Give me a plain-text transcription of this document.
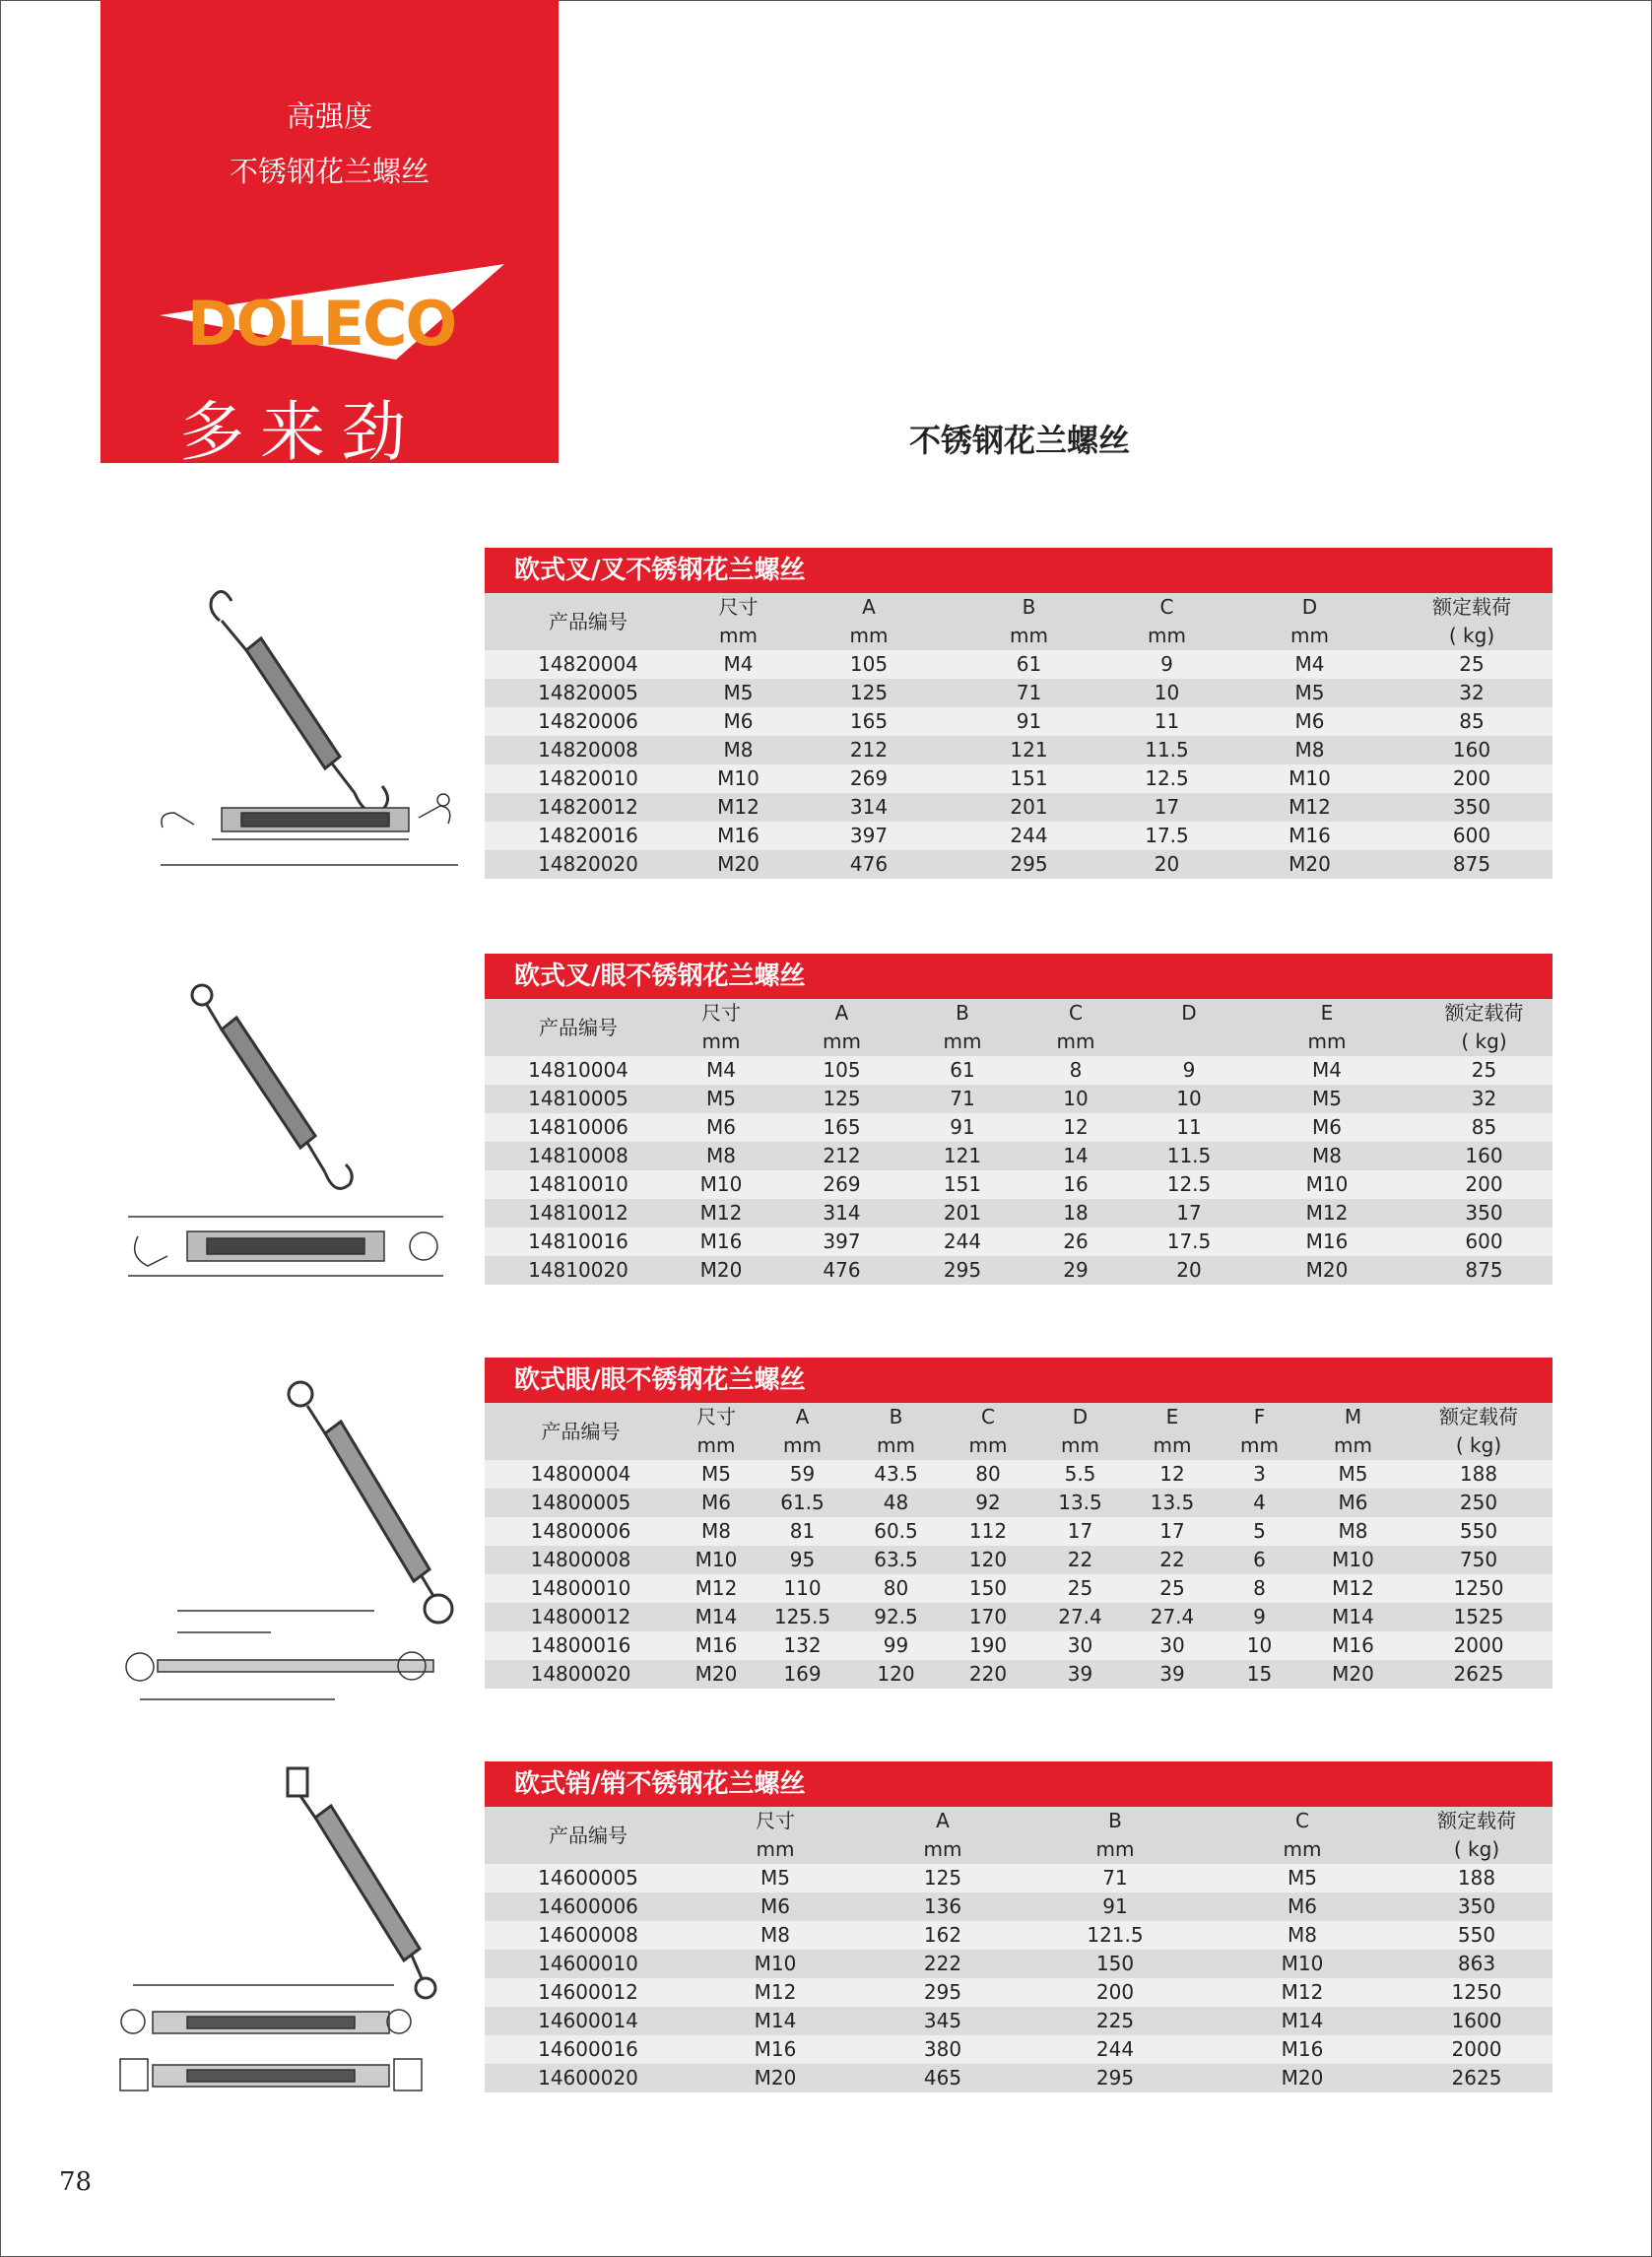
高强度
不锈钢花兰螺丝
DOLECO
多来劲	不锈钢花兰螺丝
欧式叉/叉不锈钢花兰螺丝
产品编号	尺寸	A	B	C	D	额定载荷
	mm	mm	mm	mm	mm	( kg)
14820004	M4	105	61	9	M4	25
14820005	M5	125	71	10	M5	32
14820006	M6	165	91	11	M6	85
14820008	M8	212	121	11.5	M8	160
14820010	M10	269	151	12.5	M10	200
14820012	M12	314	201	17	M12	350
14820016	M16	397	244	17.5	M16	600
14820020	M20	476	295	20	M20	875
欧式叉/眼不锈钢花兰螺丝
产品编号	尺寸	A	B	C	D	E	额定载荷
	mm	mm	mm	mm		mm	( kg)
14810004	M4	105	61	8	9	M4	25
14810005	M5	125	71	10	10	M5	32
14810006	M6	165	91	12	11	M6	85
14810008	M8	212	121	14	11.5	M8	160
14810010	M10	269	151	16	12.5	M10	200
14810012	M12	314	201	18	17	M12	350
14810016	M16	397	244	26	17.5	M16	600
14810020	M20	476	295	29	20	M20	875
欧式眼/眼不锈钢花兰螺丝
产品编号	尺寸	A	B	C	D	E	F	M	额定载荷
	mm	mm	mm	mm	mm	mm	mm	mm	( kg)
14800004	M5	59	43.5	80	5.5	12	3	M5	188
14800005	M6	61.5	48	92	13.5	13.5	4	M6	250
14800006	M8	81	60.5	112	17	17	5	M8	550
14800008	M10	95	63.5	120	22	22	6	M10	750
14800010	M12	110	80	150	25	25	8	M12	1250
14800012	M14	125.5	92.5	170	27.4	27.4	9	M14	1525
14800016	M16	132	99	190	30	30	10	M16	2000
14800020	M20	169	120	220	39	39	15	M20	2625
欧式销/销不锈钢花兰螺丝
产品编号	尺寸	A	B	C	额定载荷
	mm	mm	mm	mm	( kg)
14600005	M5	125	71	M5	188
14600006	M6	136	91	M6	350
14600008	M8	162	121.5	M8	550
14600010	M10	222	150	M10	863
14600012	M12	295	200	M12	1250
14600014	M14	345	225	M14	1600
14600016	M16	380	244	M16	2000
14600020	M20	465	295	M20	2625
78
